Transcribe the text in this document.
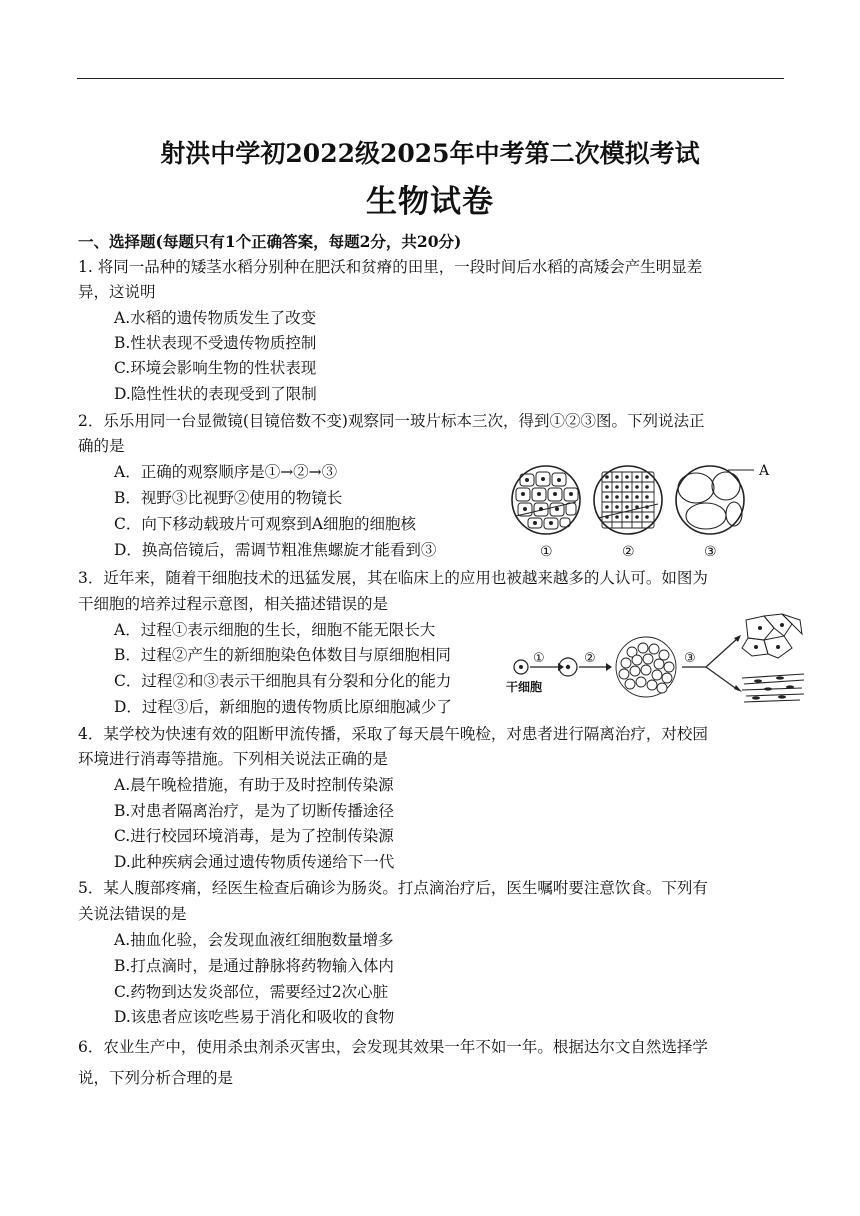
射洪中学初2022级2025年中考第二次模拟考试
生物试卷
一、选择题(每题只有1个正确答案，每题2分，共20分)
1. 将同一品种的矮茎水稻分别种在肥沃和贫瘠的田里，一段时间后水稻的高矮会产生明显差
异，这说明
A.水稻的遗传物质发生了改变
B.性状表现不受遗传物质控制
C.环境会影响生物的性状表现
D.隐性性状的表现受到了限制
2．乐乐用同一台显微镜(目镜倍数不变)观察同一玻片标本三次，得到①②③图。下列说法正
确的是
A．正确的观察顺序是①→②→③
B．视野③比视野②使用的物镜长
C．向下移动载玻片可观察到A细胞的细胞核
D．换高倍镜后，需调节粗准焦螺旋才能看到③
A
①	②	③
3．近年来，随着干细胞技术的迅猛发展，其在临床上的应用也被越来越多的人认可。如图为
干细胞的培养过程示意图，相关描述错误的是
A．过程①表示细胞的生长，细胞不能无限长大
B．过程②产生的新细胞染色体数目与原细胞相同
C．过程②和③表示干细胞具有分裂和分化的能力
D．过程③后，新细胞的遗传物质比原细胞减少了
①	②	③
干细胞
4．某学校为快速有效的阻断甲流传播，采取了每天晨午晚检，对患者进行隔离治疗，对校园
环境进行消毒等措施。下列相关说法正确的是
A.晨午晚检措施，有助于及时控制传染源
B.对患者隔离治疗，是为了切断传播途径
C.进行校园环境消毒，是为了控制传染源
D.此种疾病会通过遗传物质传递给下一代
5．某人腹部疼痛，经医生检查后确诊为肠炎。打点滴治疗后，医生嘱咐要注意饮食。下列有
关说法错误的是
A.抽血化验，会发现血液红细胞数量增多
B.打点滴时，是通过静脉将药物输入体内
C.药物到达发炎部位，需要经过2次心脏
D.该患者应该吃些易于消化和吸收的食物
6．农业生产中，使用杀虫剂杀灭害虫，会发现其效果一年不如一年。根据达尔文自然选择学
说，下列分析合理的是
